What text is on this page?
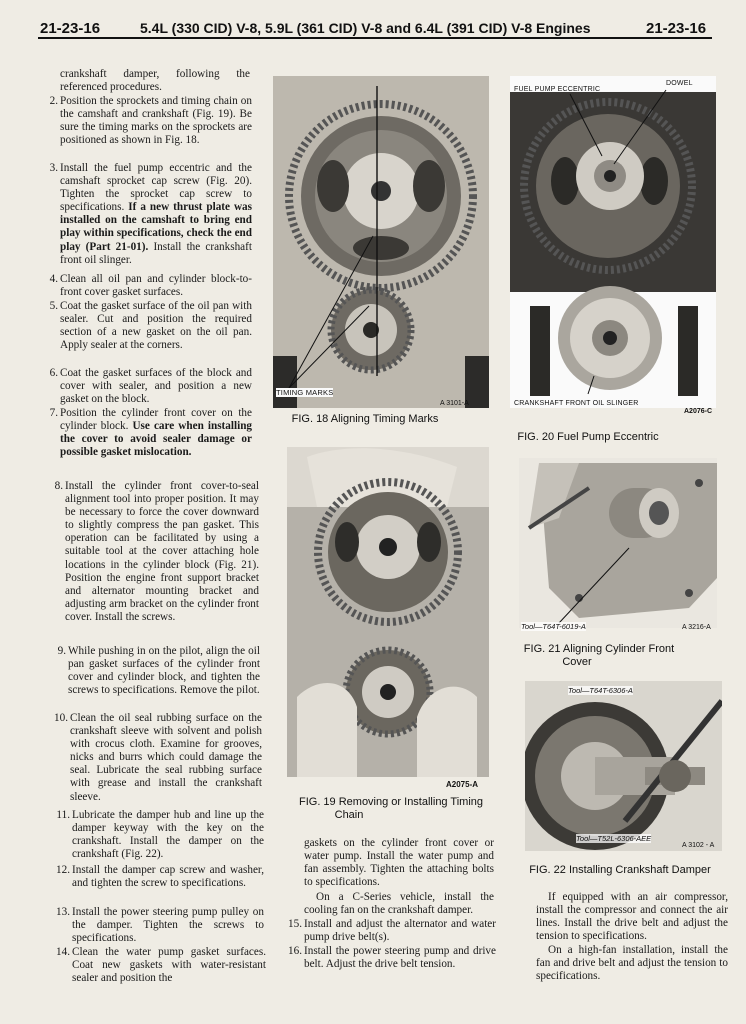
21-23-16	5.4L (330 CID) V-8, 5.9L (361 CID) V-8 and 6.4L (391 CID) V-8 Engines	21-23-16
crankshaft damper, following the referenced procedures.
2. Position the sprockets and timing chain on the camshaft and crankshaft (Fig. 19). Be sure the timing marks on the sprockets are positioned as shown in Fig. 18.
3. Install the fuel pump eccentric and the camshaft sprocket cap screw (Fig. 20). Tighten the sprocket cap screw to specifications. If a new thrust plate was installed on the camshaft to bring end play within specifications, check the end play (Part 21-01). Install the crankshaft front oil slinger.
4. Clean all oil pan and cylinder block-to-front cover gasket surfaces.
5. Coat the gasket surface of the oil pan with sealer. Cut and position the required section of a new gasket on the oil pan. Apply sealer at the corners.
6. Coat the gasket surfaces of the block and cover with sealer, and position a new gasket on the block.
7. Position the cylinder front cover on the cylinder block. Use care when installing the cover to avoid sealer damage or possible gasket mislocation.
8. Install the cylinder front cover-to-seal alignment tool into proper position. It may be necessary to force the cover downward to slightly compress the pan gasket. This operation can be facilitated by using a suitable tool at the cover attaching hole locations in the cylinder block (Fig. 21). Position the engine front support bracket and alternator mounting bracket and adjusting arm bracket on the cylinder front cover. Install the screws.
9. While pushing in on the pilot, align the oil pan gasket surfaces of the cylinder front cover and cylinder block, and tighten the screws to specifications. Remove the pilot.
10. Clean the oil seal rubbing surface on the crankshaft sleeve with solvent and polish with crocus cloth. Examine for grooves, nicks and burrs which could damage the seal. Lubricate the seal rubbing surface with grease and install the crankshaft sleeve.
11. Lubricate the damper hub and line up the damper keyway with the key on the crankshaft. Install the damper on the crankshaft (Fig. 22).
12. Install the damper cap screw and washer, and tighten the screw to specifications.
13. Install the power steering pump pulley on the damper. Tighten the screws to specifications.
14. Clean the water pump gasket surfaces. Coat new gaskets with water-resistant sealer and position the
TIMING MARKS
A 3101-A
FIG. 18 Aligning Timing Marks
FUEL PUMP ECCENTRIC
DOWEL
CRANKSHAFT FRONT OIL SLINGER
A2076-C
FIG. 20 Fuel Pump Eccentric
A2075-A
FIG. 19 Removing or Installing Timing
Chain
Tool—T64T-6019-A	A 3216-A
FIG. 21 Aligning Cylinder Front
Cover
Tool—T64T-6306-A
Tool—T52L-6306-AEE
A 3102 - A
FIG. 22 Installing Crankshaft Damper
gaskets on the cylinder front cover or water pump. Install the water pump and fan assembly. Tighten the attaching bolts to specifications.
On a C-Series vehicle, install the cooling fan on the crankshaft damper.
15. Install and adjust the alternator and water pump drive belt(s).
16. Install the power steering pump and drive belt. Adjust the drive belt tension.
If equipped with an air compressor, install the compressor and connect the air lines. Install the drive belt and adjust the tension to specifications.
On a high-fan installation, install the fan and drive belt and adjust the tension to specifications.
